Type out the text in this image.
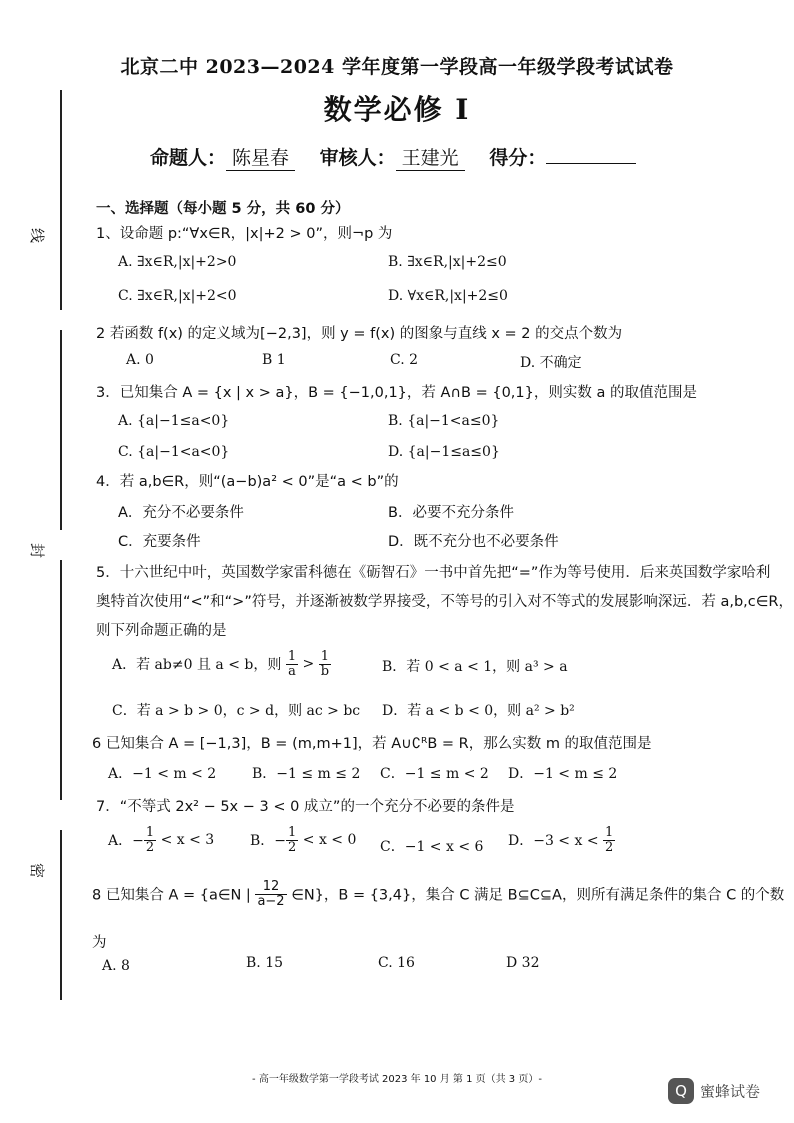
线
封
密
北京二中 2023—2024 学年度第一学段高一年级学段考试试卷
数学必修 I
命题人： 陈星春 审核人： 王建光 得分：
一、选择题（每小题 5 分，共 60 分）
1、设命题 p:“∀x∈R，|x|+2 > 0”，则¬p 为
A. ∃x∈R,|x|+2>0	B. ∃x∈R,|x|+2≤0
C. ∃x∈R,|x|+2<0	D. ∀x∈R,|x|+2≤0
2 若函数 f(x) 的定义域为[−2,3]，则 y = f(x) 的图象与直线 x = 2 的交点个数为
A. 0	B 1	C. 2	D. 不确定
3．已知集合 A = {x | x > a}，B = {−1,0,1}，若 A∩B = {0,1}，则实数 a 的取值范围是
A. {a|−1≤a<0}	B. {a|−1<a≤0}
C. {a|−1<a<0}	D. {a|−1≤a≤0}
4．若 a,b∈R，则“(a−b)a² < 0”是“a < b”的
A．充分不必要条件	B．必要不充分条件
C．充要条件	D．既不充分也不必要条件
5．十六世纪中叶，英国数学家雷科德在《砺智石》一书中首先把“=”作为等号使用．后来英国数学家哈利
奥特首次使用“<”和“>”符号，并逐渐被数学界接受，不等号的引入对不等式的发展影响深远．若 a,b,c∈R，
则下列命题正确的是
A．若 ab≠0 且 a < b，则 $\frac{1}{a} > \frac{1}{b}$	B．若 0 < a < 1，则 a³ > a
C．若 a > b > 0，c > d，则 ac > bc D．若 a < b < 0，则 a² > b²
6 已知集合 A = [−1,3]，B = (m,m+1]，若 A∪∁ᴿB = R，那么实数 m 的取值范围是
A．−1 < m < 2	B．−1 ≤ m ≤ 2 C．−1 ≤ m < 2 D．−1 < m ≤ 2
7．“不等式 2x² − 5x − 3 < 0 成立”的一个充分不必要的条件是
A．− $\frac{1}{2} < x < 3$	B．− $\frac{1}{2} < x < 0$ C．−1 < x < 6 D．$-3 < x < \frac{1}{2}$
8 已知集合 A = {a∈N | $\frac{12}{a-2}$ ∈N}，B = {3,4}，集合 C 满足 B⊆C⊆A，则所有满足条件的集合 C 的个数
为
A. 8	B. 15	C. 16	D 32
- 高一年级数学第一学段考试 2023 年 10 月 第 1 页（共 3 页）-
Q 蜜蜂试卷
